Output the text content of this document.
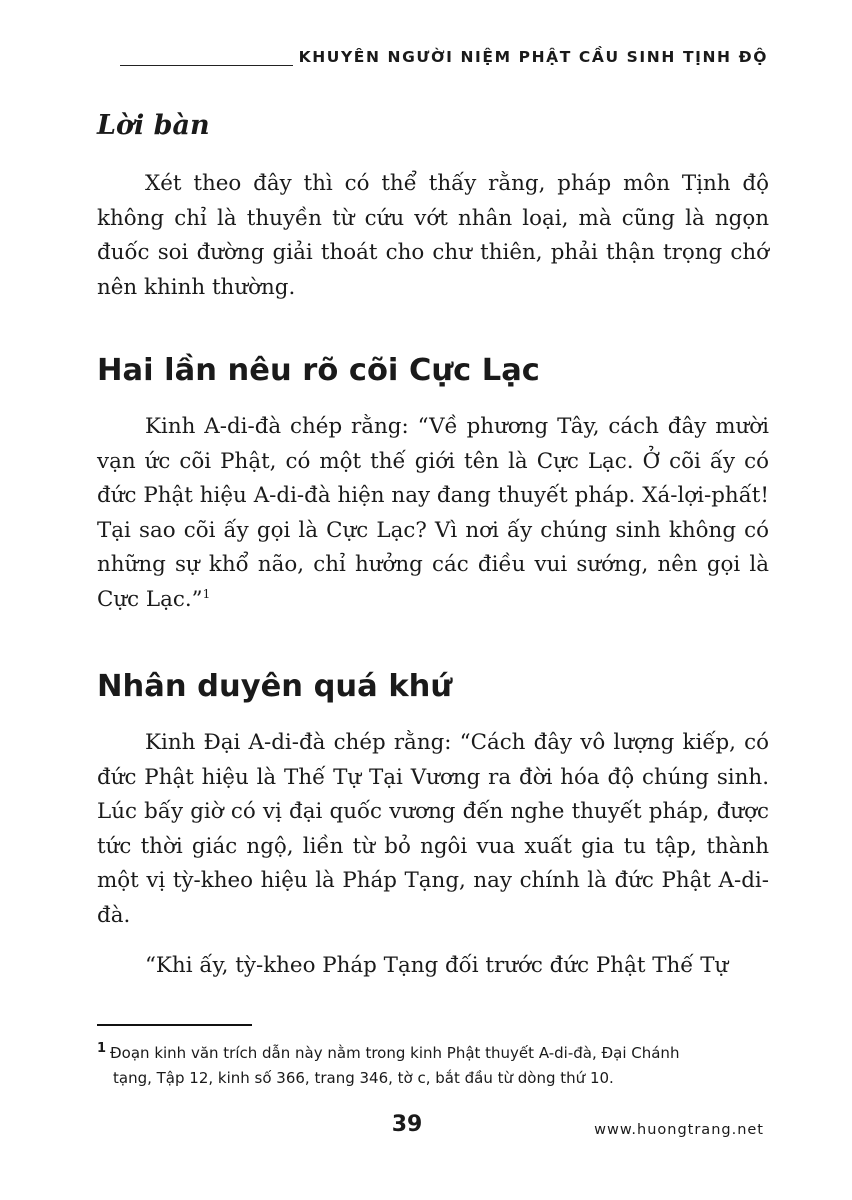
KHUYÊN NGƯỜI NIỆM PHẬT CẦU SINH TỊNH ĐỘ
Lời bàn

Xét theo đây thì có thể thấy rằng, pháp môn Tịnh độ không chỉ là thuyền từ cứu vớt nhân loại, mà cũng là ngọn đuốc soi đường giải thoát cho chư thiên, phải thận trọng chớ nên khinh thường.

Hai lần nêu rõ cõi Cực Lạc

Kinh A-di-đà chép rằng: “Về phương Tây, cách đây mười vạn ức cõi Phật, có một thế giới tên là Cực Lạc. Ở cõi ấy có đức Phật hiệu A-di-đà hiện nay đang thuyết pháp. Xá-lợi-phất! Tại sao cõi ấy gọi là Cực Lạc? Vì nơi ấy chúng sinh không có những sự khổ não, chỉ hưởng các điều vui sướng, nên gọi là Cực Lạc.”$^1$

Nhân duyên quá khứ

Kinh Đại A-di-đà chép rằng: “Cách đây vô lượng kiếp, có đức Phật hiệu là Thế Tự Tại Vương ra đời hóa độ chúng sinh. Lúc bấy giờ có vị đại quốc vương đến nghe thuyết pháp, được tức thời giác ngộ, liền từ bỏ ngôi vua xuất gia tu tập, thành một vị tỳ-kheo hiệu là Pháp Tạng, nay chính là đức Phật A-di-đà.

“Khi ấy, tỳ-kheo Pháp Tạng đối trước đức Phật Thế Tự

1 Đoạn kinh văn trích dẫn này nằm trong kinh Phật thuyết A-di-đà, Đại Chánh
tạng, Tập 12, kinh số 366, trang 346, tờ c, bắt đầu từ dòng thứ 10.
39	www.huongtrang.net
